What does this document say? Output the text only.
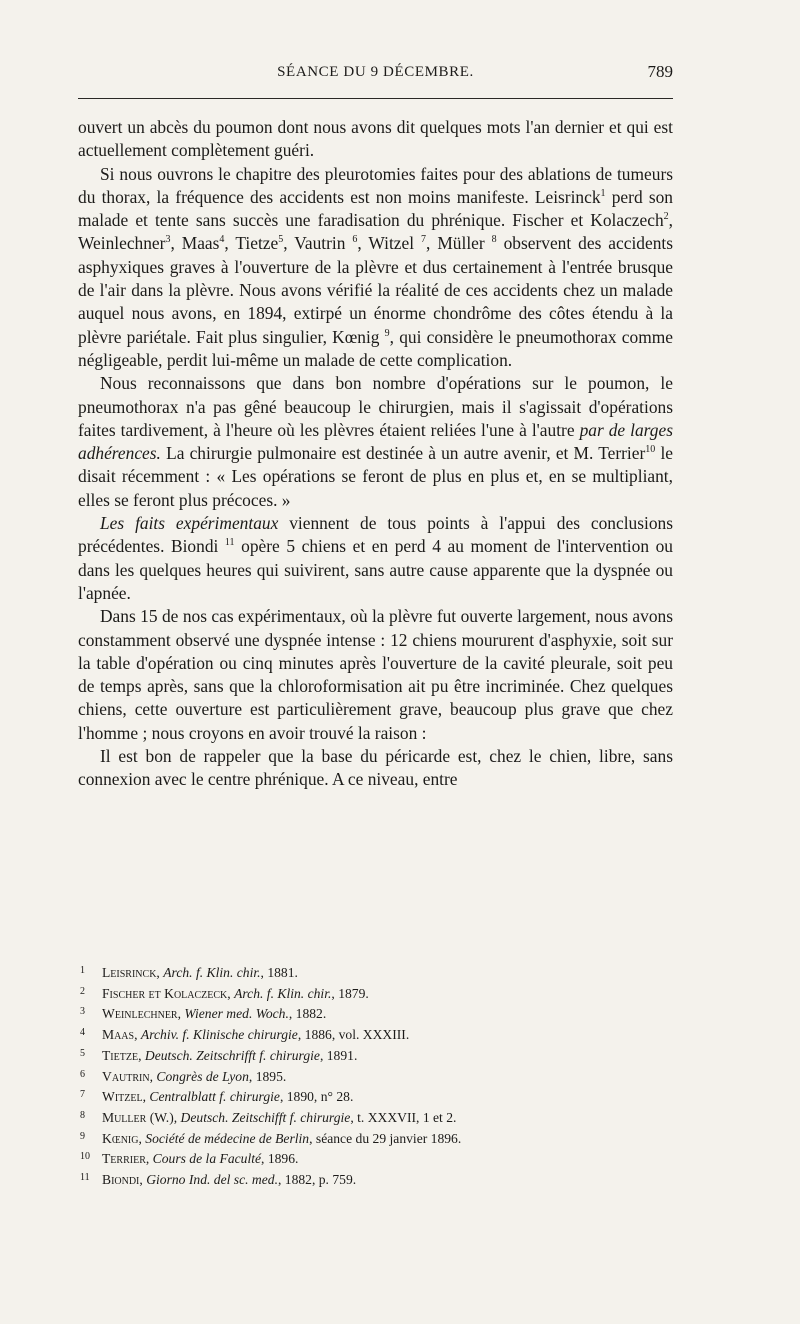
SÉANCE DU 9 DÉCEMBRE.	789

ouvert un abcès du poumon dont nous avons dit quelques mots l'an dernier et qui est actuellement complètement guéri.

Si nous ouvrons le chapitre des pleurotomies faites pour des ablations de tumeurs du thorax, la fréquence des accidents est non moins manifeste. Leisrinck$^1$ perd son malade et tente sans succès une faradisation du phrénique. Fischer et Kolaczech$^2$, Weinlechner$^3$, Maas$^4$, Tietze$^5$, Vautrin $^6$, Witzel $^7$, Müller $^8$ observent des accidents asphyxiques graves à l'ouverture de la plèvre et dus certainement à l'entrée brusque de l'air dans la plèvre. Nous avons vérifié la réalité de ces accidents chez un malade auquel nous avons, en 1894, extirpé un énorme chondrôme des côtes étendu à la plèvre pariétale. Fait plus singulier, Kœnig $^9$, qui considère le pneumothorax comme négligeable, perdit lui-même un malade de cette complication.

Nous reconnaissons que dans bon nombre d'opérations sur le poumon, le pneumothorax n'a pas gêné beaucoup le chirurgien, mais il s'agissait d'opérations faites tardivement, à l'heure où les plèvres étaient reliées l'une à l'autre par de larges adhérences. La chirurgie pulmonaire est destinée à un autre avenir, et M. Terrier$^{10}$ le disait récemment : « Les opérations se feront de plus en plus et, en se multipliant, elles se feront plus précoces. »

Les faits expérimentaux viennent de tous points à l'appui des conclusions précédentes. Biondi $^{11}$ opère 5 chiens et en perd 4 au moment de l'intervention ou dans les quelques heures qui suivirent, sans autre cause apparente que la dyspnée ou l'apnée.

Dans 15 de nos cas expérimentaux, où la plèvre fut ouverte largement, nous avons constamment observé une dyspnée intense : 12 chiens moururent d'asphyxie, soit sur la table d'opération ou cinq minutes après l'ouverture de la cavité pleurale, soit peu de temps après, sans que la chloroformisation ait pu être incriminée. Chez quelques chiens, cette ouverture est particulièrement grave, beaucoup plus grave que chez l'homme ; nous croyons en avoir trouvé la raison :

Il est bon de rappeler que la base du péricarde est, chez le chien, libre, sans connexion avec le centre phrénique. A ce niveau, entre

1 Leisrinck, Arch. f. Klin. chir., 1881.
2 Fischer et Kolaczeck, Arch. f. Klin. chir., 1879.
3 Weinlechner, Wiener med. Woch., 1882.
4 Maas, Archiv. f. Klinische chirurgie, 1886, vol. XXXIII.
5 Tietze, Deutsch. Zeitschrifft f. chirurgie, 1891.
6 Vautrin, Congrès de Lyon, 1895.
7 Witzel, Centralblatt f. chirurgie, 1890, n° 28.
8 Muller (W.), Deutsch. Zeitschifft f. chirurgie, t. XXXVII, 1 et 2.
9 Kœnig, Société de médecine de Berlin, séance du 29 janvier 1896.
10 Terrier, Cours de la Faculté, 1896.
11 Biondi, Giorno Ind. del sc. med., 1882, p. 759.
